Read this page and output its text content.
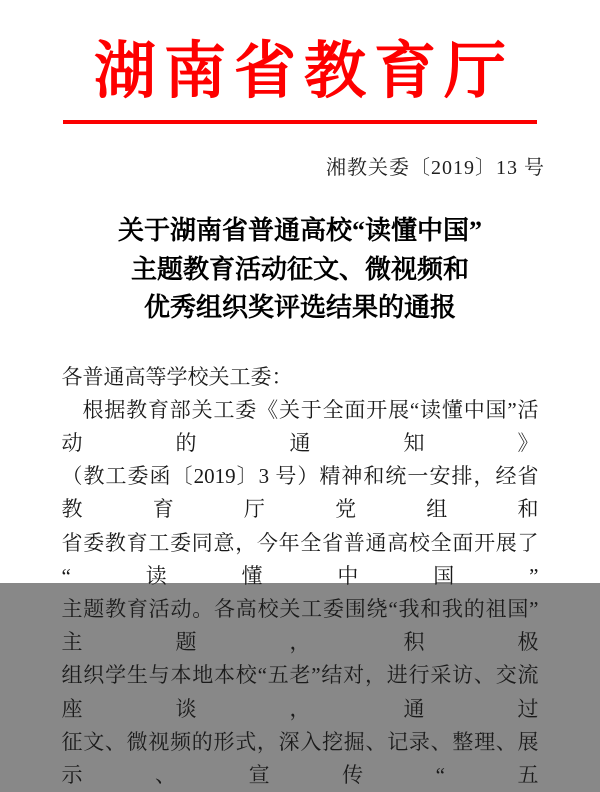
湖南省教育厅
湘教关委〔2019〕13 号
关于湖南省普通高校“读懂中国”
主题教育活动征文、微视频和
优秀组织奖评选结果的通报

各普通高等学校关工委：

根据教育部关工委《关于全面开展“读懂中国”活动的通知》

（教工委函〔2019〕3 号）精神和统一安排，经省教育厅党组和

省委教育工委同意，今年全省普通高校全面开展了“读懂中国”

主题教育活动。各高校关工委围绕“我和我的祖国”主题，积极

组织学生与本地本校“五老”结对，进行采访、交流座谈，通过

征文、微视频的形式，深入挖掘、记录、整理、展示、宣传“五
